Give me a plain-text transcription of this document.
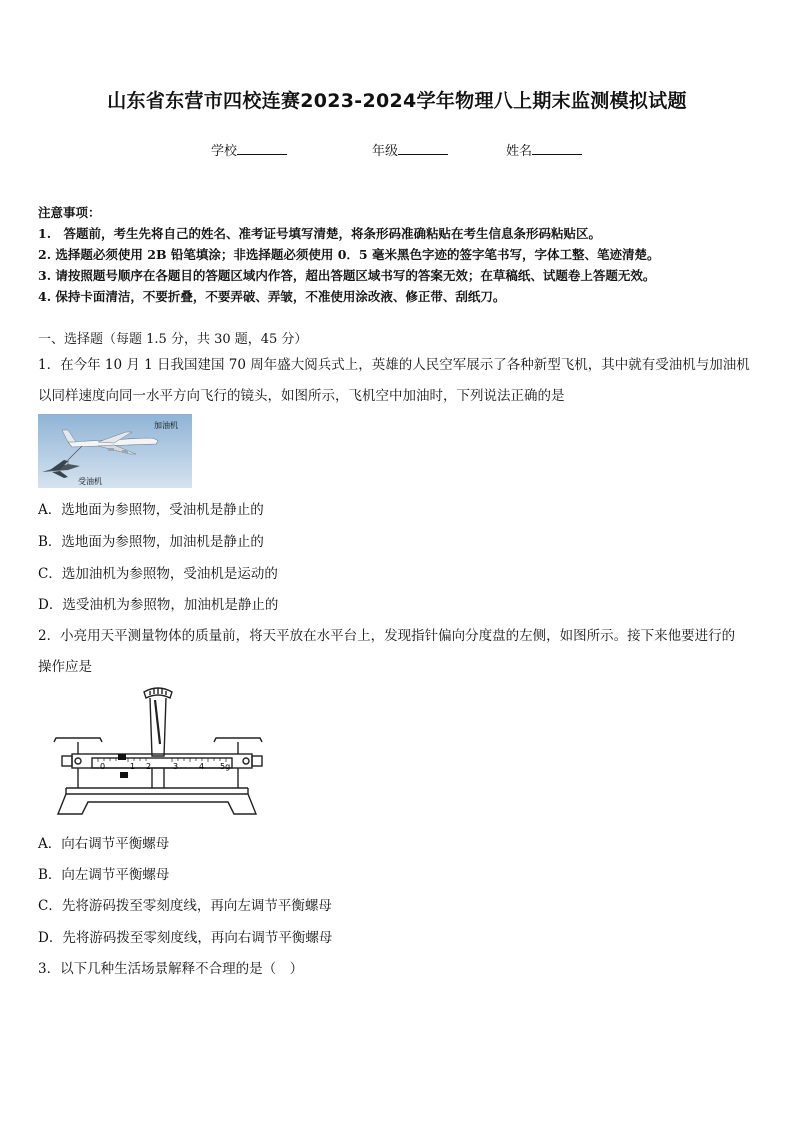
山东省东营市四校连赛2023-2024学年物理八上期末监测模拟试题
学校	年级	姓名
注意事项：
1.　答题前，考生先将自己的姓名、准考证号填写清楚，将条形码准确粘贴在考生信息条形码粘贴区。
2. 选择题必须使用 2B 铅笔填涂；非选择题必须使用 0．5 毫米黑色字迹的签字笔书写，字体工整、笔迹清楚。
3. 请按照题号顺序在各题目的答题区域内作答，超出答题区域书写的答案无效；在草稿纸、试题卷上答题无效。
4. 保持卡面清洁，不要折叠，不要弄破、弄皱，不准使用涂改液、修正带、刮纸刀。
一、选择题（每题 1.5 分，共 30 题，45 分）
1．在今年 10 月 1 日我国建国 70 周年盛大阅兵式上，英雄的人民空军展示了各种新型飞机，其中就有受油机与加油机
以同样速度向同一水平方向飞行的镜头，如图所示，飞机空中加油时，下列说法正确的是
加油机
受油机
A．选地面为参照物，受油机是静止的
B．选地面为参照物，加油机是静止的
C．选加油机为参照物，受油机是运动的
D．选受油机为参照物，加油机是静止的
2．小亮用天平测量物体的质量前，将天平放在水平台上，发现指针偏向分度盘的左侧，如图所示。接下来他要进行的
操作应是
0	1 2	3	4 5g
A．向右调节平衡螺母
B．向左调节平衡螺母
C．先将游码拨至零刻度线，再向左调节平衡螺母
D．先将游码拨至零刻度线，再向右调节平衡螺母
3．以下几种生活场景解释不合理的是（　）
